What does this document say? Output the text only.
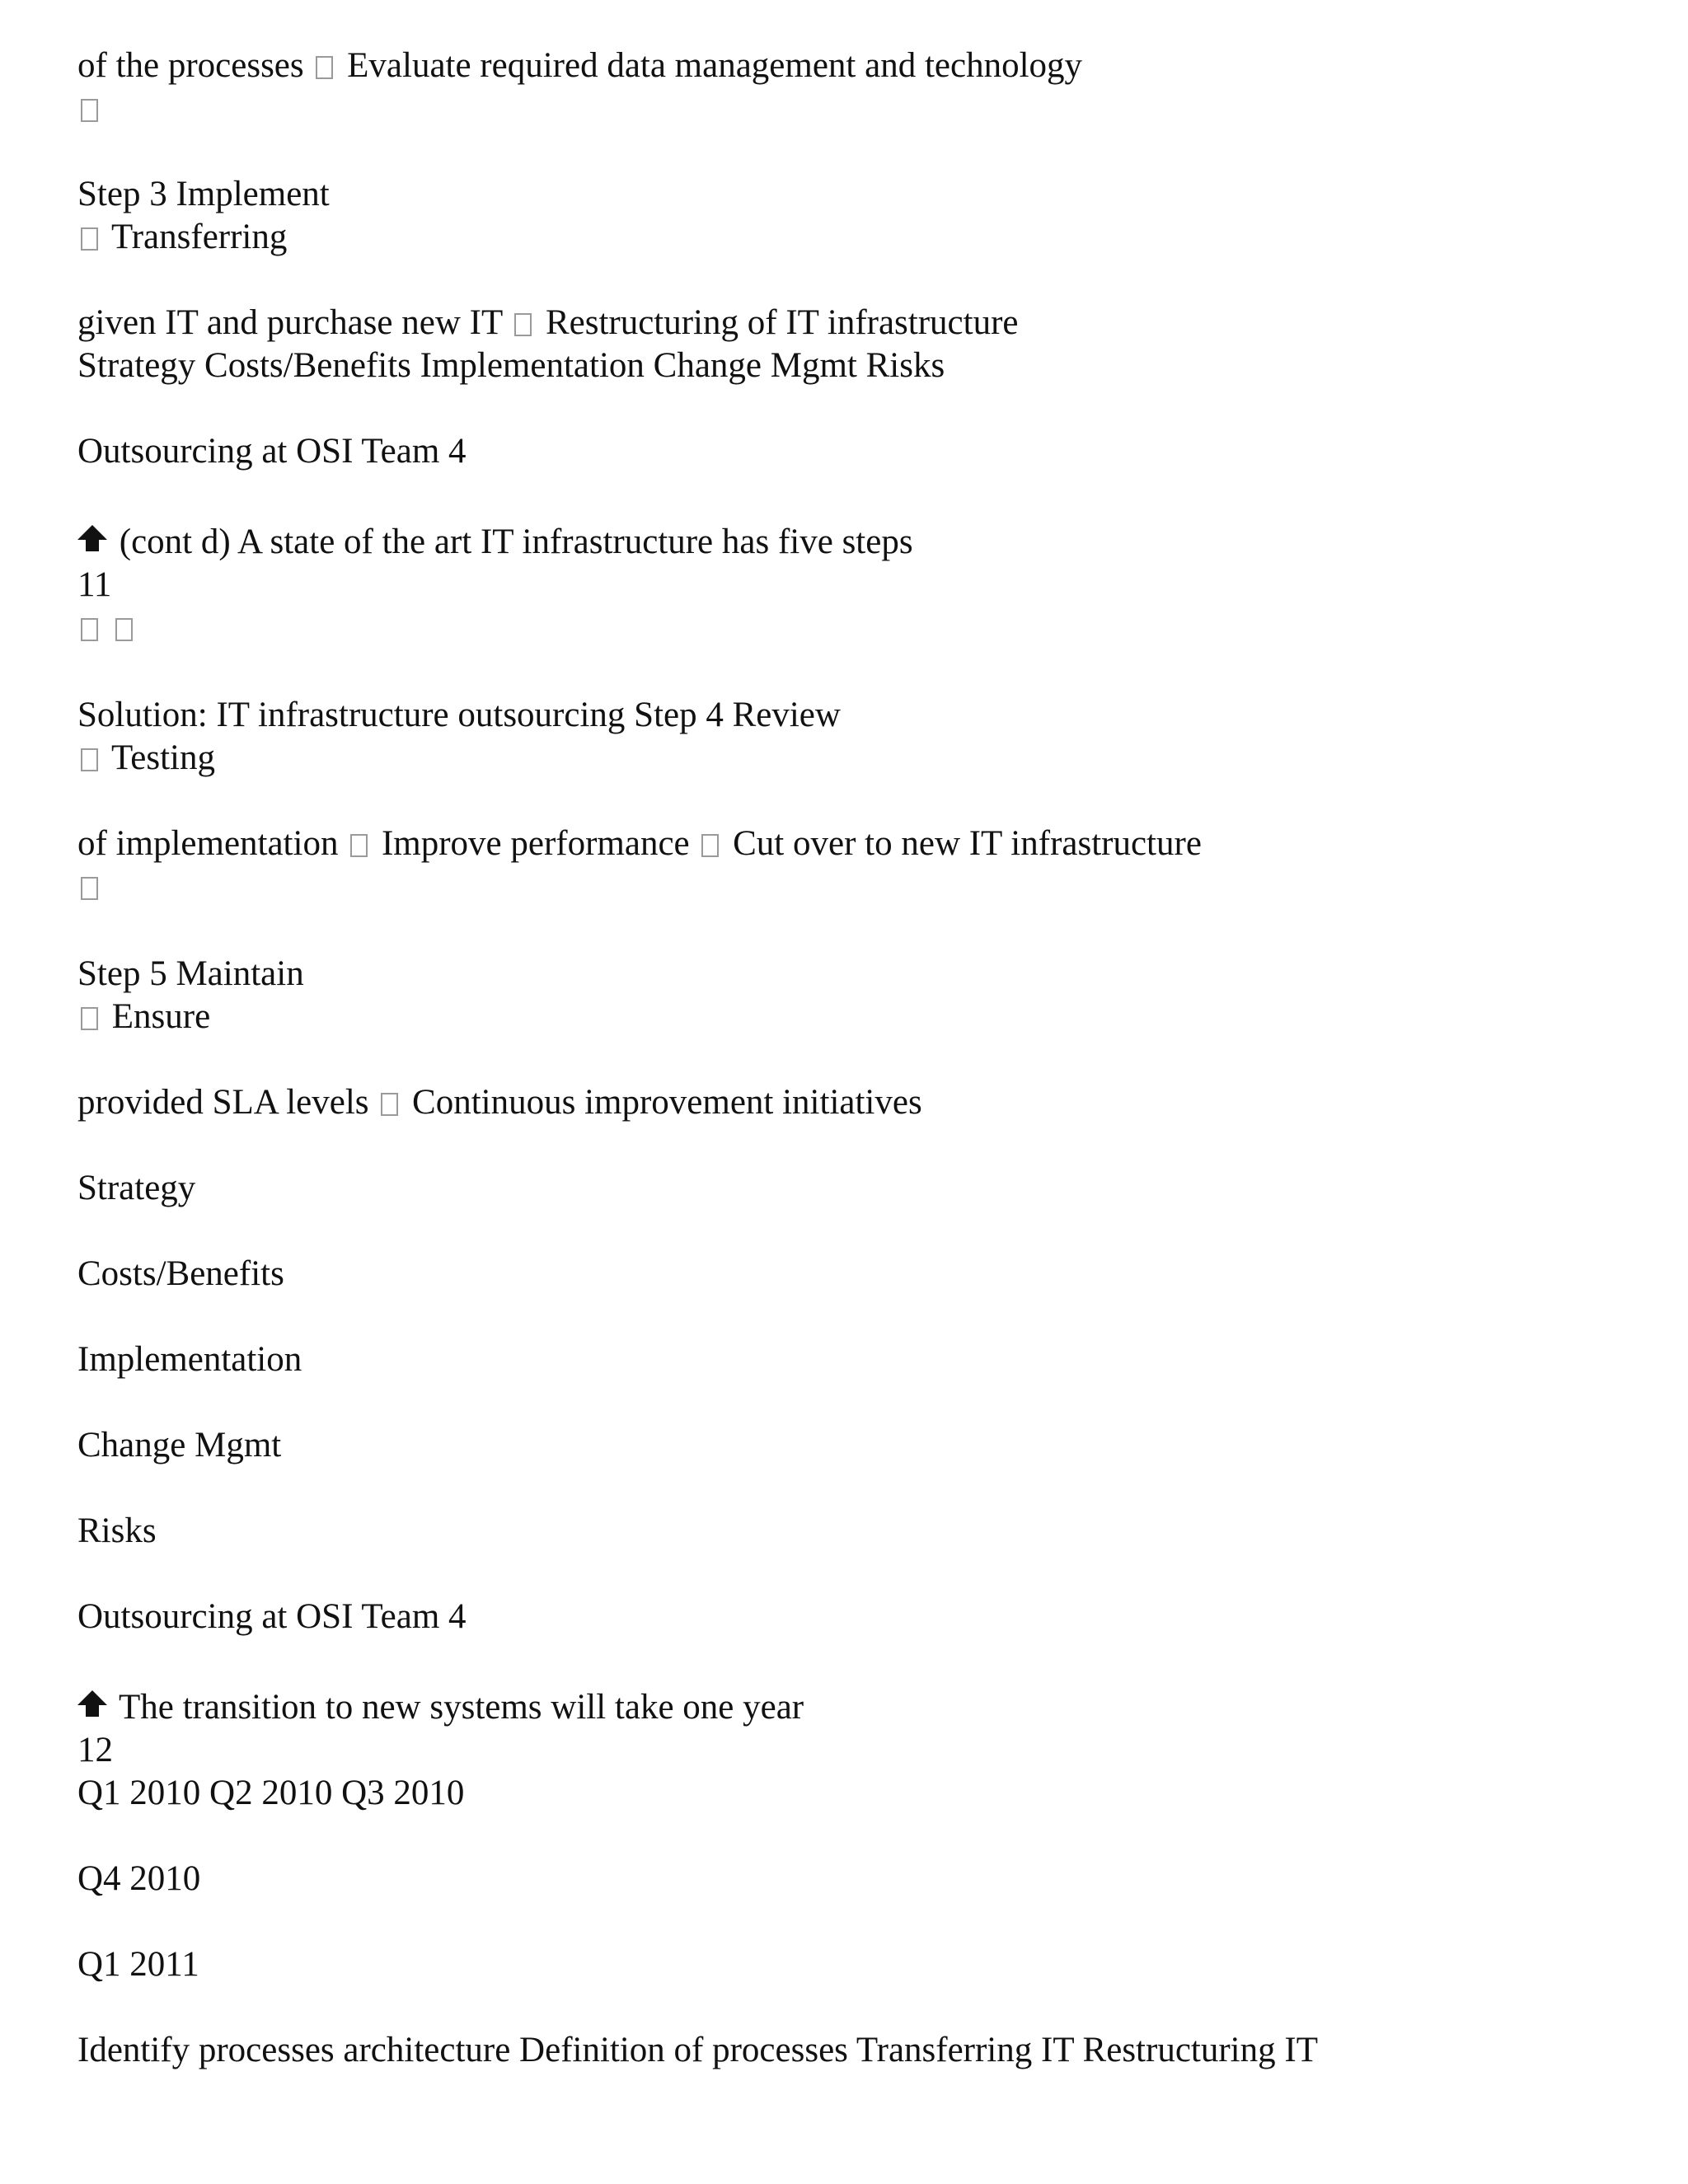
of the processes Evaluate required data management and technology
Step 3 Implement
Transferring
given IT and purchase new IT Restructuring of IT infrastructure
Strategy Costs/Benefits Implementation Change Mgmt Risks
Outsourcing at OSI Team 4
(cont d) A state of the art IT infrastructure has five steps
11

Solution: IT infrastructure outsourcing Step 4 Review
Testing
of implementation Improve performance Cut over to new IT infrastructure
Step 5 Maintain
Ensure
provided SLA levels Continuous improvement initiatives
Strategy
Costs/Benefits
Implementation
Change Mgmt
Risks
Outsourcing at OSI Team 4
The transition to new systems will take one year
12
Q1 2010 Q2 2010 Q3 2010
Q4 2010
Q1 2011
Identify processes architecture Definition of processes Transferring IT Restructuring IT
